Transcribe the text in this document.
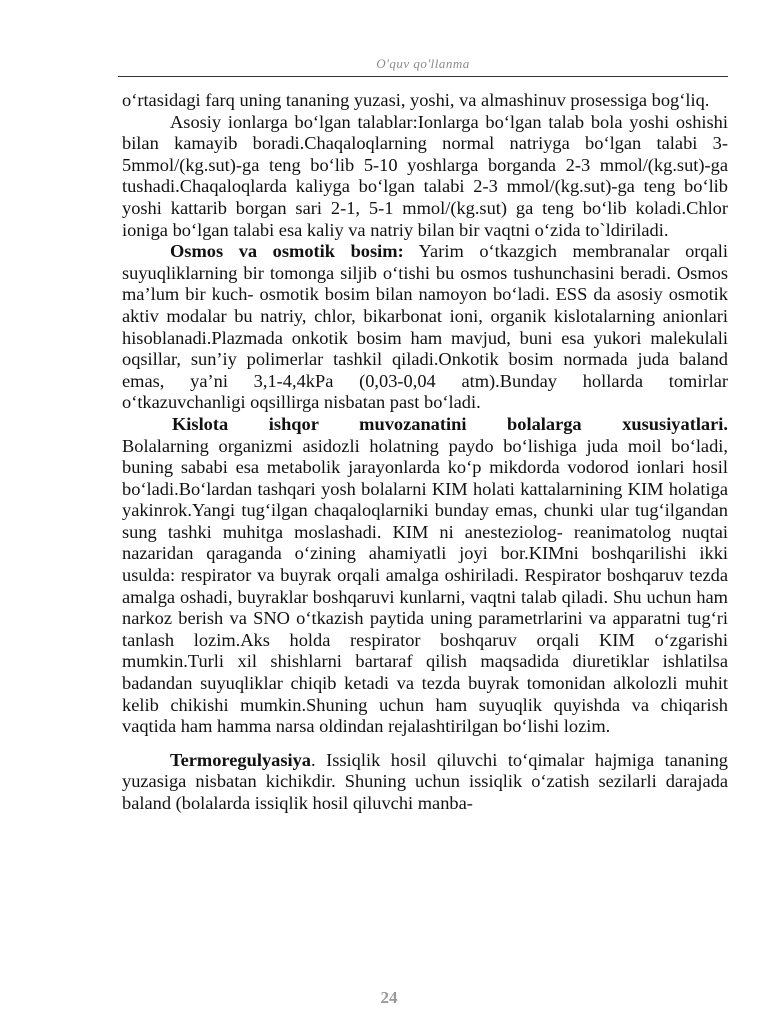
O'quv qo'llanma

o‘rtasidagi farq uning tananing yuzasi, yoshi, va almashinuv prosessiga bog‘liq.

Asosiy ionlarga bo‘lgan talablar:Ionlarga bo‘lgan talab bola yoshi oshishi bilan kamayib boradi.Chaqaloqlarning normal natriyga bo‘lgan talabi 3-5mmol/(kg.sut)-ga teng bo‘lib 5-10 yoshlarga borganda 2-3 mmol/(kg.sut)-ga tushadi.Chaqaloqlarda kaliyga bo‘lgan talabi 2-3 mmol/(kg.sut)-ga teng bo‘lib yoshi kattarib borgan sari 2-1, 5-1 mmol/(kg.sut) ga teng bo‘lib koladi.Chlor ioniga bo‘lgan talabi esa kaliy va natriy bilan bir vaqtni o‘zida to`ldiriladi.

Osmos va osmotik bosim: Yarim o‘tkazgich membranalar orqali suyuqliklarning bir tomonga siljib o‘tishi bu osmos tushunchasini beradi. Osmos ma’lum bir kuch- osmotik bosim bilan namoyon bo‘ladi. ESS da asosiy osmotik aktiv modalar bu natriy, chlor, bikarbonat ioni, organik kislotalarning anionlari hisoblanadi.Plazmada onkotik bosim ham mavjud, buni esa yukori malekulali oqsillar, sun’iy polimerlar tashkil qiladi.Onkotik bosim normada juda baland emas, ya’ni 3,1-4,4kPa (0,03-0,04 atm).Bunday hollarda tomirlar o‘tkazuvchanligi oqsillirga nisbatan past bo‘ladi.

Kislota ishqor muvozanatini bolalarga xususiyatlari.

Bolalarning organizmi asidozli holatning paydo bo‘lishiga juda moil bo‘ladi, buning sababi esa metabolik jarayonlarda ko‘p mikdorda vodorod ionlari hosil bo‘ladi.Bo‘lardan tashqari yosh bolalarni KIM holati kattalarnining KIM holatiga yakinrok.Yangi tug‘ilgan chaqaloqlarniki bunday emas, chunki ular tug‘ilgandan sung tashki muhitga moslashadi. KIM ni anesteziolog- reanimatolog nuqtai nazaridan qaraganda o‘zining ahamiyatli joyi bor.KIMni boshqarilishi ikki usulda: respirator va buyrak orqali amalga oshiriladi. Respirator boshqaruv tezda amalga oshadi, buyraklar boshqaruvi kunlarni, vaqtni talab qiladi. Shu uchun ham narkoz berish va SNO o‘tkazish paytida uning parametrlarini va apparatni tug‘ri tanlash lozim.Aks holda respirator boshqaruv orqali KIM o‘zgarishi mumkin.Turli xil shishlarni bartaraf qilish maqsadida diuretiklar ishlatilsa badandan suyuqliklar chiqib ketadi va tezda buyrak tomonidan alkolozli muhit kelib chikishi mumkin.Shuning uchun ham suyuqlik quyishda va chiqarish vaqtida ham hamma narsa oldindan rejalashtirilgan bo‘lishi lozim.

Termoregulyasiya. Issiqlik hosil qiluvchi to‘qimalar hajmiga tananing yuzasiga nisbatan kichikdir. Shuning uchun issiqlik o‘zatish sezilarli darajada baland (bolalarda issiqlik hosil qiluvchi manba-

24
